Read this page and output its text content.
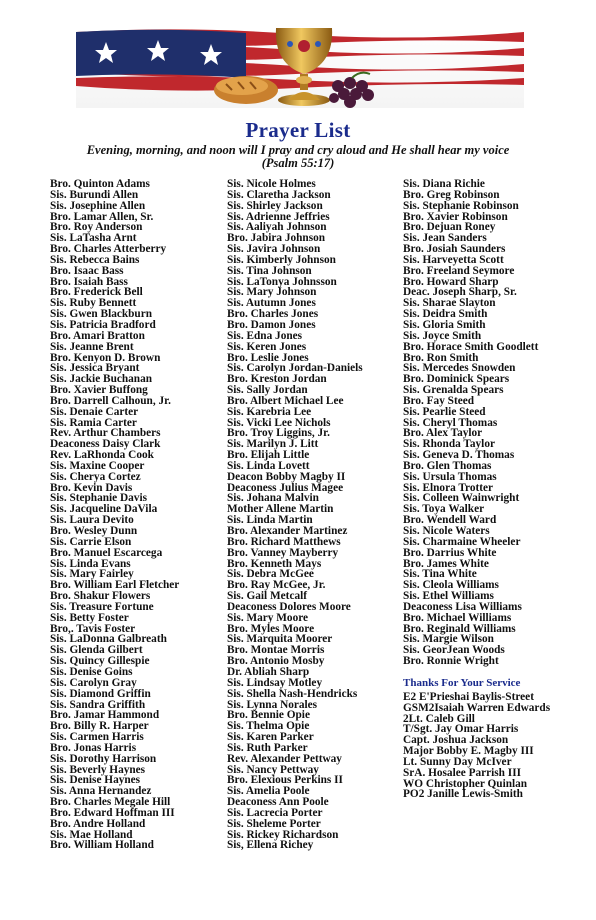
Prayer List
Evening, morning, and noon will I pray and cry aloud and He shall hear my voice
(Psalm 55:17)
Bro. Quinton Adams
Sis. Burundi Allen
Sis. Josephine Allen
Bro. Lamar Allen, Sr.
Bro. Roy Anderson
Sis. LaTasha Arnt
Bro. Charles Atterberry
Sis. Rebecca Bains
Bro. Isaac Bass
Bro. Isaiah Bass
Bro. Frederick Bell
Sis. Ruby Bennett
Sis. Gwen Blackburn
Sis. Patricia Bradford
Bro. Amari Bratton
Sis. Jeanne Brent
Bro. Kenyon D. Brown
Sis. Jessica Bryant
Sis. Jackie Buchanan
Bro. Xavier Buffong
Bro. Darrell Calhoun, Jr.
Sis. Denaie Carter
Sis. Ramia Carter
Rev. Arthur Chambers
Deaconess Daisy Clark
Rev. LaRhonda Cook
Sis. Maxine Cooper
Sis. Cherya Cortez
Bro. Kevin Davis
Sis. Stephanie Davis
Sis. Jacqueline DaVila
Sis. Laura Devito
Bro. Wesley Dunn
Sis. Carrie Elson
Bro. Manuel Escarcega
Sis. Linda Evans
Sis. Mary Fairley
Bro. William Earl Fletcher
Bro. Shakur Flowers
Sis. Treasure Fortune
Sis. Betty Foster
Bro,. Tavis Foster
Sis. LaDonna Galbreath
Sis. Glenda Gilbert
Sis. Quincy Gillespie
Sis. Denise Goins
Sis. Carolyn Gray
Sis. Diamond Griffin
Sis. Sandra Griffith
Bro. Jamar Hammond
Bro. Billy R. Harper
Sis. Carmen Harris
Bro. Jonas Harris
Sis. Dorothy Harrison
Sis. Beverly Haynes
Sis. Denise Haynes
Sis. Anna Hernandez
Bro. Charles Megale Hill
Bro. Edward Hoffman III
Bro. Andre Holland
Sis. Mae Holland
Bro. William Holland
Sis. Nicole Holmes
Sis. Claretha Jackson
Sis. Shirley Jackson
Sis. Adrienne Jeffries
Sis. Aaliyah Johnson
Bro. Jabira Johnson
Sis. Javira Johnson
Sis. Kimberly Johnson
Sis. Tina Johnson
Sis. LaTonya Johnsson
Sis. Mary Johnson
Sis. Autumn Jones
Bro. Charles Jones
Bro. Damon Jones
Sis. Edna Jones
Sis. Keren Jones
Bro. Leslie Jones
Sis. Carolyn Jordan-Daniels
Bro. Kreston Jordan
Sis. Sally Jordan
Bro. Albert Michael Lee
Sis. Karebria Lee
Sis. Vicki Lee Nichols
Bro. Troy Liggins, Jr.
Sis. Marilyn J. Litt
Bro. Elijah Little
Sis. Linda Lovett
Deacon Bobby Magby II
Deaconess Julius Magee
Sis. Johana Malvin
Mother Allene Martin
Sis. Linda Martin
Bro. Alexander Martinez
Bro. Richard Matthews
Bro. Vanney Mayberry
Bro. Kenneth Mays
Sis. Debra McGee
Bro. Ray McGee, Jr.
Sis. Gail Metcalf
Deaconess Dolores Moore
Sis. Mary Moore
Bro. Myles Moore
Sis. Marquita Moorer
Bro. Montae Morris
Bro. Antonio Mosby
Dr. Abliah Sharp
Sis. Lindsay Motley
Sis. Shella Nash-Hendricks
Sis. Lynna Norales
Bro. Bennie Opie
Sis. Thelma Opie
Sis. Karen Parker
Sis. Ruth Parker
Rev. Alexander Pettway
Sis. Nancy Pettway
Bro. Elexious Perkins II
Sis. Amelia Poole
Deaconess Ann Poole
Sis. Lacrecia Porter
Sis. Sheleme Porter
Sis. Rickey Richardson
Sis, Ellena Richey
Sis. Diana Richie
Bro. Greg Robinson
Sis. Stephanie Robinson
Bro. Xavier Robinson
Bro. Dejuan Roney
Sis. Jean Sanders
Bro. Josiah Saunders
Sis. Harveyetta Scott
Bro. Freeland Seymore
Bro. Howard Sharp
Deac. Joseph Sharp, Sr.
Sis. Sharae Slayton
Sis. Deidra Smith
Sis. Gloria Smith
Sis. Joyce Smith
Bro. Horace Smith Goodlett
Bro. Ron Smith
Sis. Mercedes Snowden
Bro. Dominick Spears
Sis. Grenalda Spears
Bro. Fay Steed
Sis. Pearlie Steed
Sis. Cheryl Thomas
Bro. Alex Taylor
Sis. Rhonda Taylor
Sis. Geneva D. Thomas
Bro. Glen Thomas
Sis. Ursula Thomas
Sis. Elnora Trotter
Sis. Colleen Wainwright
Sis. Toya Walker
Bro. Wendell Ward
Sis. Nicole Waters
Sis. Charmaine Wheeler
Bro. Darrius White
Bro. James White
Sis. Tina White
Sis. Cleola Williams
Sis. Ethel Williams
Deaconess Lisa Williams
Bro. Michael Williams
Bro. Reginald Williams
Sis. Margie Wilson
Sis. GeorJean Woods
Bro. Ronnie Wright
Thanks For Your Service
E2 E'Prieshai Baylis-Street
GSM2Isaiah Warren Edwards
2Lt. Caleb Gill
T/Sgt. Jay Omar Harris
Capt. Joshua Jackson
Major Bobby E. Magby III
Lt. Sunny Day McIver
SrA. Hosalee Parrish III
WO Christopher Quinlan
PO2 Janille Lewis-Smith
